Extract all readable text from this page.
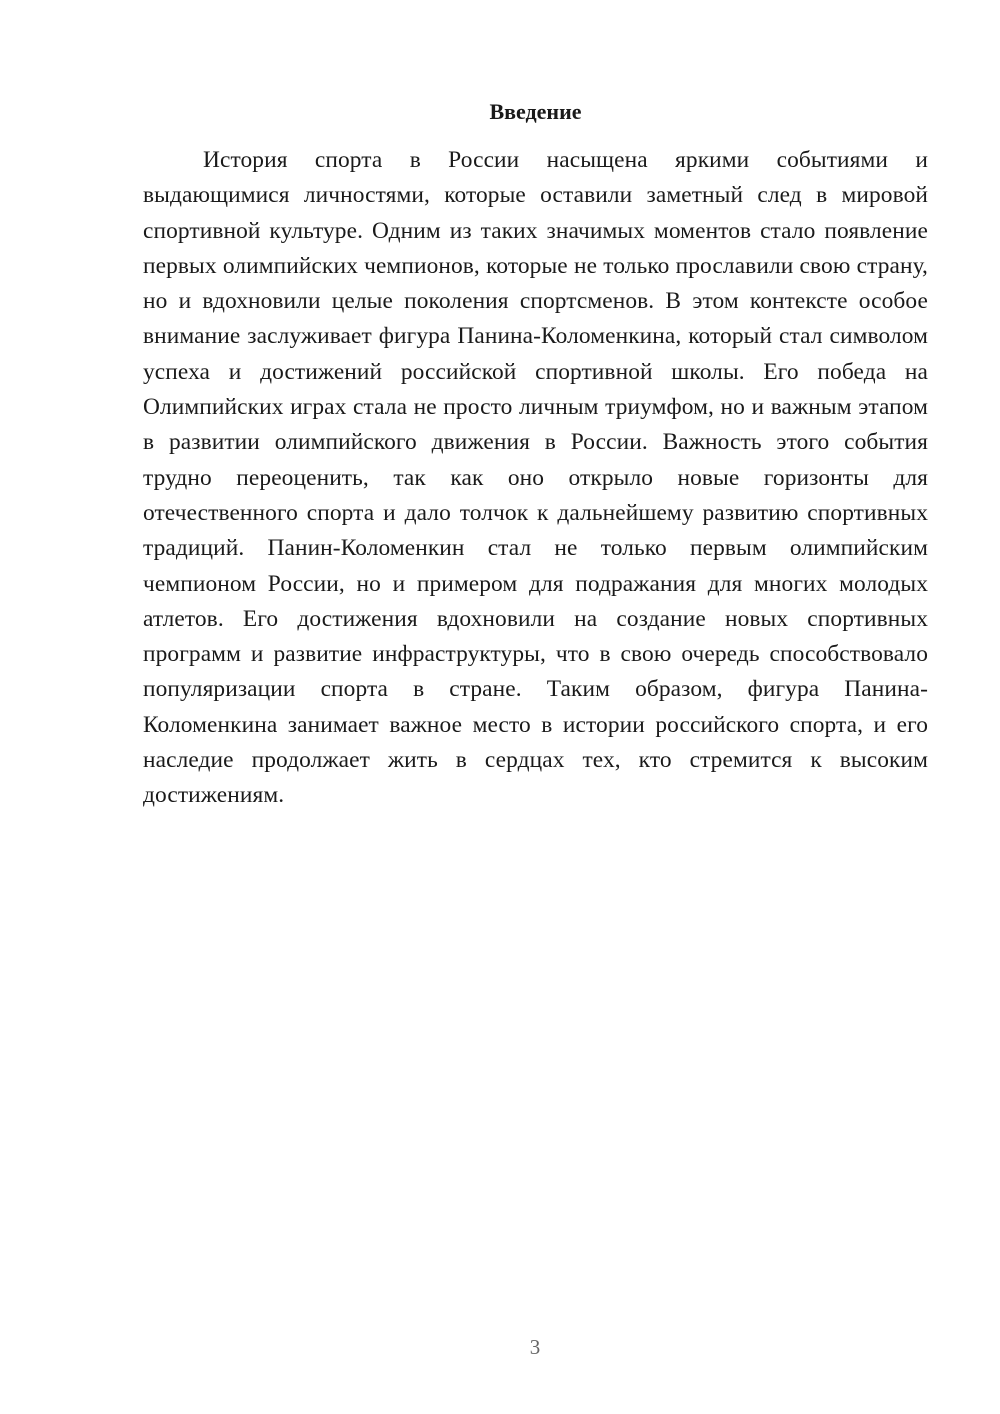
Введение

История спорта в России насыщена яркими событиями и выдающимися личностями, которые оставили заметный след в мировой спортивной культуре. Одним из таких значимых моментов стало появление первых олимпийских чемпионов, которые не только прославили свою страну, но и вдохновили целые поколения спортсменов. В этом контексте особое внимание заслуживает фигура Панина-Коломенкина, который стал символом успеха и достижений российской спортивной школы. Его победа на Олимпийских играх стала не просто личным триумфом, но и важным этапом в развитии олимпийского движения в России. Важность этого события трудно переоценить, так как оно открыло новые горизонты для отечественного спорта и дало толчок к дальнейшему развитию спортивных традиций. Панин-Коломенкин стал не только первым олимпийским чемпионом России, но и примером для подражания для многих молодых атлетов. Его достижения вдохновили на создание новых спортивных программ и развитие инфраструктуры, что в свою очередь способствовало популяризации спорта в стране. Таким образом, фигура Панина-Коломенкина занимает важное место в истории российского спорта, и его наследие продолжает жить в сердцах тех, кто стремится к высоким достижениям.

3
